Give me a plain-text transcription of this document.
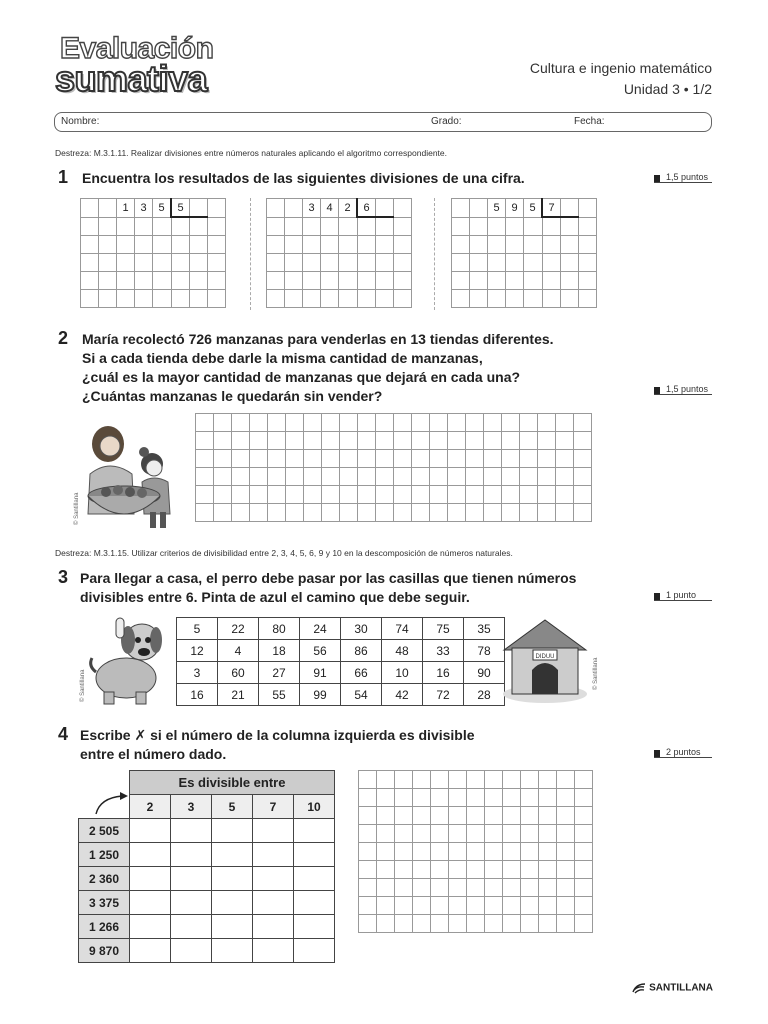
Evaluación
sumativa	Cultura e ingenio matemático
Unidad 3 • 1/2
Nombre:	Grado:	Fecha:
Destreza: M.3.1.11. Realizar divisiones entre números naturales aplicando el algoritmo correspondiente.
1 Encuentra los resultados de las siguientes divisiones de una cifra.	1,5 puntos
		1	3	5	5		

			3	4	2	6		

			5	9	5	7		

2 María recolectó 726 manzanas para venderlas en 13 tiendas diferentes.
Si a cada tienda debe darle la misma cantidad de manzanas,
¿cuál es la mayor cantidad de manzanas que dejará en cada una?
¿Cuántas manzanas le quedarán sin vender?	1,5 puntos
© Santillana

Destreza: M.3.1.15. Utilizar criterios de divisibilidad entre 2, 3, 4, 5, 6, 9 y 10 en la descomposición de números naturales.
3 Para llegar a casa, el perro debe pasar por las casillas que tienen números
divisibles entre 6. Pinta de azul el camino que debe seguir.	1 punto
© Santillana
5	22	80	24	30	74	75	35
12	4	18	56	86	48	33	78
3	60	27	91	66	10	16	90
16	21	55	99	54	42	72	28
DIDUU
© Santillana
4 Escribe ✗ si el número de la columna izquierda es divisible
entre el número dado.	2 puntos
	Es divisible entre				
	2	3	5	7	10
2 505					
1 250					
2 360					
3 375					
1 266					
9 870					

SANTILLANA
